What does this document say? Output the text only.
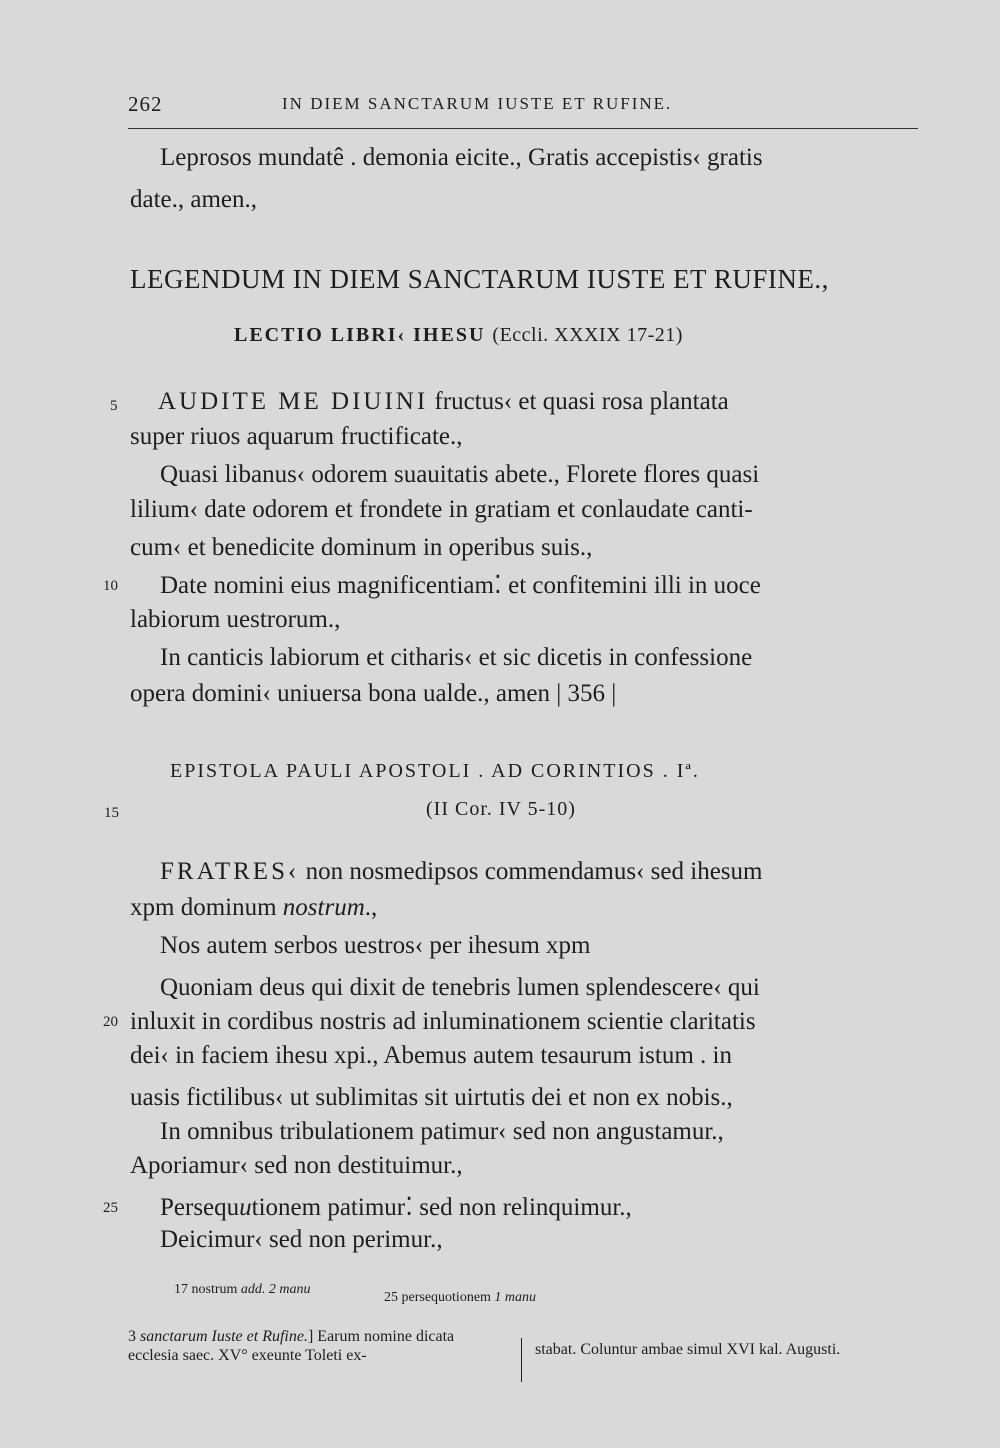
262	IN DIEM SANCTARUM IUSTE ET RUFINE.
Leprosos mundatê . demonia eicite., Gratis accepistis‹ gratis
date., amen.,
LEGENDUM IN DIEM SANCTARUM IUSTE ET RUFINE.,
LECTIO LIBRI‹ IHESU (Eccli. XXXIX 17-21)
5 AUDITE ME DIUINI fructus‹ et quasi rosa plantata
super riuos aquarum fructificate.,
Quasi libanus‹ odorem suauitatis abete., Florete flores quasi
lilium‹ date odorem et frondete in gratiam et conlaudate canti-
cum‹ et benedicite dominum in operibus suis.,
10 Date nomini eius magnificentiam⁚ et confitemini illi in uoce
labiorum uestrorum.,
In canticis labiorum et citharis‹ et sic dicetis in confessione
opera domini‹ uniuersa bona ualde., amen | 356 |
EPISTOLA PAULI APOSTOLI . AD CORINTIOS . Iª.
15	(II Cor. IV 5-10)
FRATRES‹ non nosmedipsos commendamus‹ sed ihesum
xpm dominum nostrum.,
Nos autem serbos uestros‹ per ihesum xpm
Quoniam deus qui dixit de tenebris lumen splendescere‹ qui
20 inluxit in cordibus nostris ad inluminationem scientie claritatis
dei‹ in faciem ihesu xpi., Abemus autem tesaurum istum . in
uasis fictilibus‹ ut sublimitas sit uirtutis dei et non ex nobis.,
In omnibus tribulationem patimur‹ sed non angustamur.,
Aporiamur‹ sed non destituimur.,
25 Persequutionem patimur⁚ sed non relinquimur.,
Deicimur‹ sed non perimur.,
17 nostrum add. 2 manu
25 persequotionem 1 manu
3 sanctarum Iuste et Rufine.] Earum nomine dicata ecclesia saec. XV° exeunte Toleti ex-	stabat. Coluntur ambae simul XVI kal. Augusti.
